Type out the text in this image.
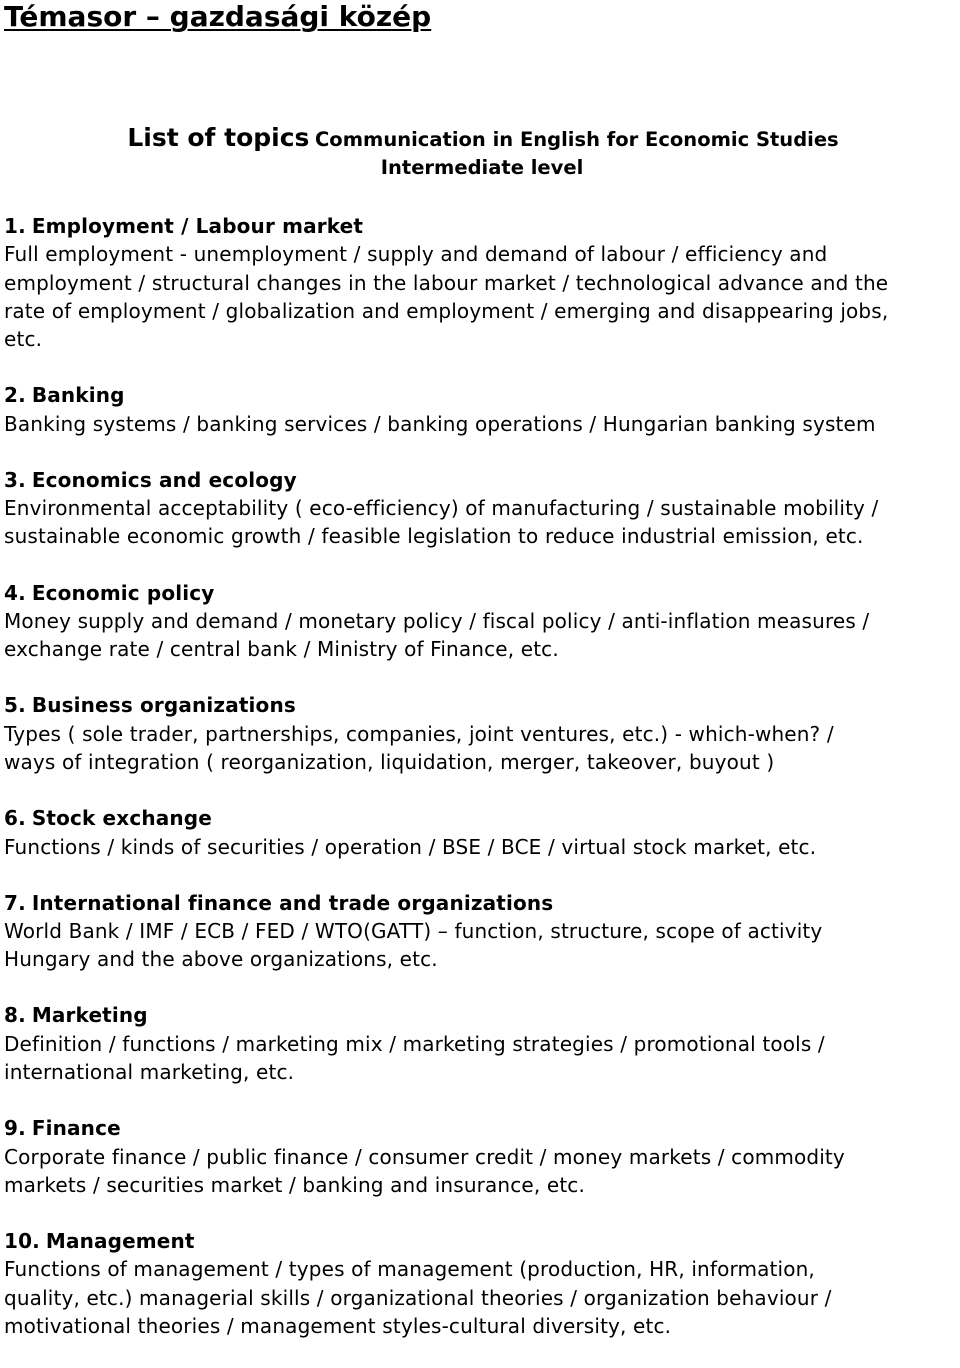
Témasor – gazdasági közép
List of topics Communication in English for Economic Studies
Intermediate level
1. Employment / Labour market
Full employment - unemployment / supply and demand of labour / efficiency and
employment / structural changes in the labour market / technological advance and the
rate of employment / globalization and employment / emerging and disappearing jobs,
etc.
2. Banking
Banking systems / banking services / banking operations / Hungarian banking system
3. Economics and ecology
Environmental acceptability ( eco-efficiency) of manufacturing / sustainable mobility /
sustainable economic growth / feasible legislation to reduce industrial emission, etc.
4. Economic policy
Money supply and demand / monetary policy / fiscal policy / anti-inflation measures /
exchange rate / central bank / Ministry of Finance, etc.
5. Business organizations
Types ( sole trader, partnerships, companies, joint ventures, etc.) - which-when? /
ways of integration ( reorganization, liquidation, merger, takeover, buyout )
6. Stock exchange
Functions / kinds of securities / operation / BSE / BCE / virtual stock market, etc.
7. International finance and trade organizations
World Bank / IMF / ECB / FED / WTO(GATT) – function, structure, scope of activity
Hungary and the above organizations, etc.
8. Marketing
Definition / functions / marketing mix / marketing strategies / promotional tools /
international marketing, etc.
9. Finance
Corporate finance / public finance / consumer credit / money markets / commodity
markets / securities market / banking and insurance, etc.
10. Management
Functions of management / types of management (production, HR, information,
quality, etc.) managerial skills / organizational theories / organization behaviour /
motivational theories / management styles-cultural diversity, etc.
